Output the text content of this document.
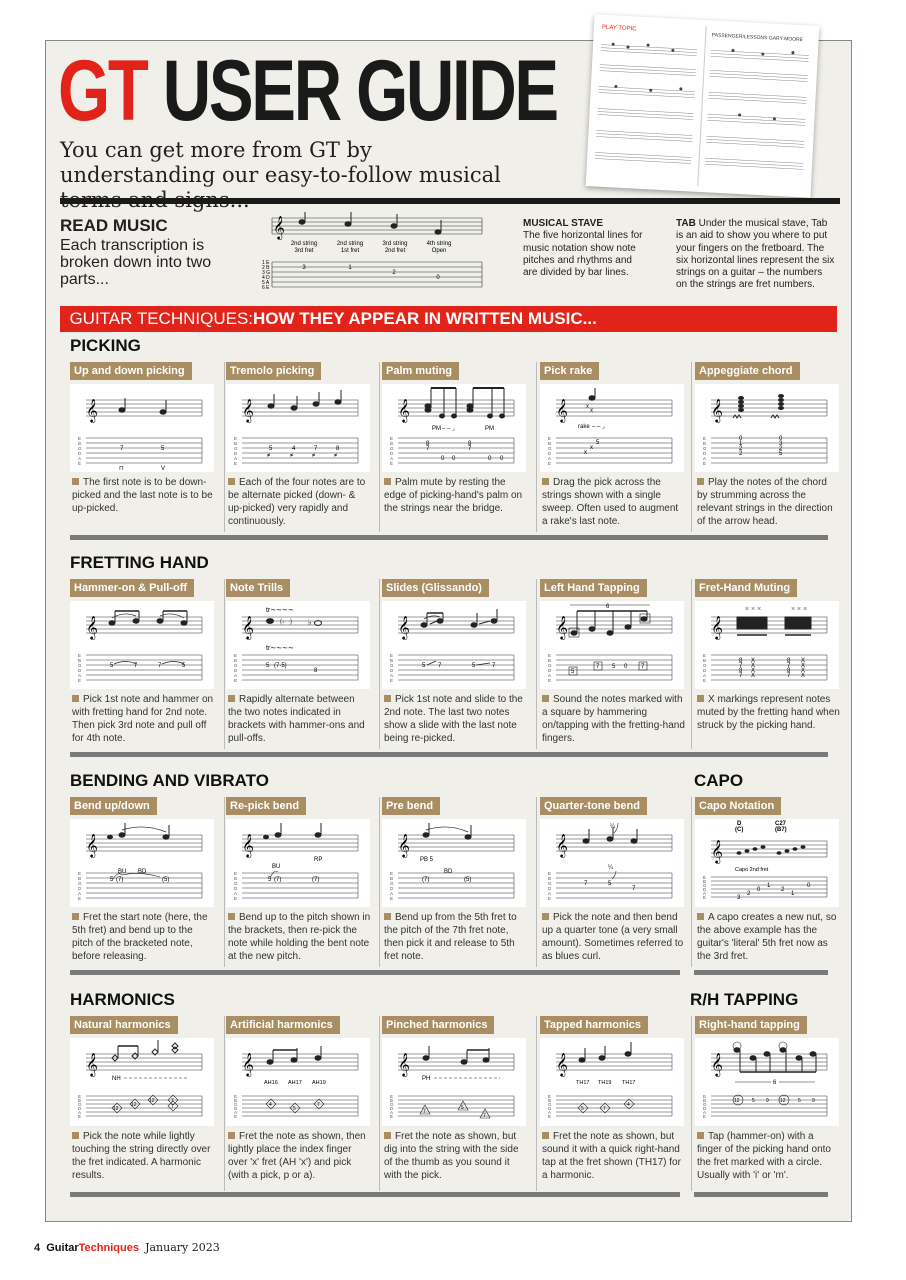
PLAY TOPIC
PASSENGER/LESSONS GARY MOORE
GT USER GUIDE
You can get more from GT by understanding our easy-to-follow musical
READ MUSIC
Each transcription is broken down into two parts...
𝄞
2nd string
3rd fret
2nd string
1st fret
3rd string
2nd fret
4th string
Open
1 E
2 B
3 G
4 D
5 A
6 E
3	1
2
0
MUSICAL STAVE
The five horizontal lines for music notation show note pitches and rhythms and are divided by bar lines.
TAB Under the musical stave, Tab is an aid to show you where to put your fingers on the fretboard. The six horizontal lines represent the six strings on a guitar – the numbers on the strings are fret numbers.
GUITAR TECHNIQUES:HOW THEY APPEAR IN WRITTEN MUSIC...
PICKING
FRETTING HAND
BENDING AND VIBRATO	CAPO
HARMONICS	R/H TAPPING
Up and down picking
𝄞
E
B
G
D
A
E
7	5
⊓	V
The first note is to be down-picked and the last note is to be up-picked.
Tremolo picking
𝄞
E
B
G
D
A
E
5	4	7	8
≠	≠	≠	≠
Each of the four notes are to be alternate picked (down- & up-picked) very rapidly and continuously.
Palm muting
𝄞
E
B
G
D
A
E
PM – – ⌟	PM
8
7
0 0
8
7
0 0
Palm mute by resting the edge of picking-hand's palm on the strings near the bridge.
Pick rake
𝄞
E
B
G
D
A
E
rake – – ⌟
x
x
5
x
x
Drag the pick across the strings shown with a single sweep. Often used to augment a rake's last note.
Appeggiate chord
𝄞
E
B
G
D
A
E
0
1
2
2
0
3
2
5
Play the notes of the chord by strumming across the relevant strings in the direction of the arrow head.
Hammer-on & Pull-off
𝄞
E
B
G
D
A
E
5	7	7	5
Pick 1st note and hammer on with fretting hand for 2nd note. Then pick 3rd note and pull off for 4th note.
Note Trills
𝄞
E
B
G
D
A
E
tr∼∼∼∼
tr∼∼∼∼
(♩·) ♭
5 (7-5)
8
Rapidly alternate between the two notes indicated in brackets with hammer-ons and pull-offs.
Slides (Glissando)
𝄞
E
B
G
D
A
E
5 7	5	7
Pick 1st note and slide to the 2nd note. The last two notes show a slide with the last note being re-picked.
Left Hand Tapping
𝄞
E
B
G
D
A
E
6
5
7 5 0 7
Sound the notes marked with a square by hammering on/tapping with the fretting-hand fingers.
Fret-Hand Muting
𝄞
E
B
G
D
A
E
× × ×	× × ×
8
7
8
7
X
X
X
X
8
7
8
7
X
X
X
X
X markings represent notes muted by the fretting hand when struck by the picking hand.
Bend up/down
𝄞
E
B
G
D
A
E
BU BD
5 (7)	(5)
Fret the start note (here, the 5th fret) and bend up to the pitch of the bracketed note, before releasing.
Re-pick bend
𝄞
E
B
G
D
A
E
BU
RP
5 (7)	(7)
Bend up to the pitch shown in the brackets, then re-pick the note while holding the bent note at the new pitch.
Pre bend
𝄞
E
B
G
D
A
E
PB 5
BD
(7)	(5)
Bend up from the 5th fret to the pitch of the 7th fret note, then pick it and release to 5th fret note.
Quarter-tone bend
𝄞
E
B
G
D
A
E
¼
¼
7	5
7
Pick the note and then bend up a quarter tone (a very small amount). Sometimes referred to as blues curl.
Capo Notation
D
(C)
C27
(B7)
𝄞
E
B
G
D
A
E
Capo 2nd fret
3
2
0
1
2
1
0
A capo creates a new nut, so the above example has the guitar's 'literal' 5th fret now as the 3rd fret.
Natural harmonics
𝄞
E
B
G
D
A
E
NH
12
12
12	7
7
Pick the note while lightly touching the string directly over the fret indicated. A harmonic results.
Artificial harmonics
𝄞
E
B
G
D
A
E
AH16 AH17 AH19
4
5
7
Fret the note as shown, then lightly place the index finger over 'x' fret (AH 'x') and pick (with a pick, p or a).
Pinched harmonics
𝄞
E
B
G
D
A
E
PH
7
5
7
Fret the note as shown, but dig into the string with the side of the thumb as you sound it with the pick.
Tapped harmonics
𝄞
E
B
G
D
A
E
TH17 TH19 TH17
5	7
4
Fret the note as shown, but sound it with a quick right-hand tap at the fret shown (TH17) for a harmonic.
Right-hand tapping
𝄞
E
B
G
D
A
E
6
12 5 9 12 5 9
Tap (hammer-on) with a finger of the picking hand onto the fret marked with a circle. Usually with 'i' or 'm'.
4 GuitarTechniques January 2023
